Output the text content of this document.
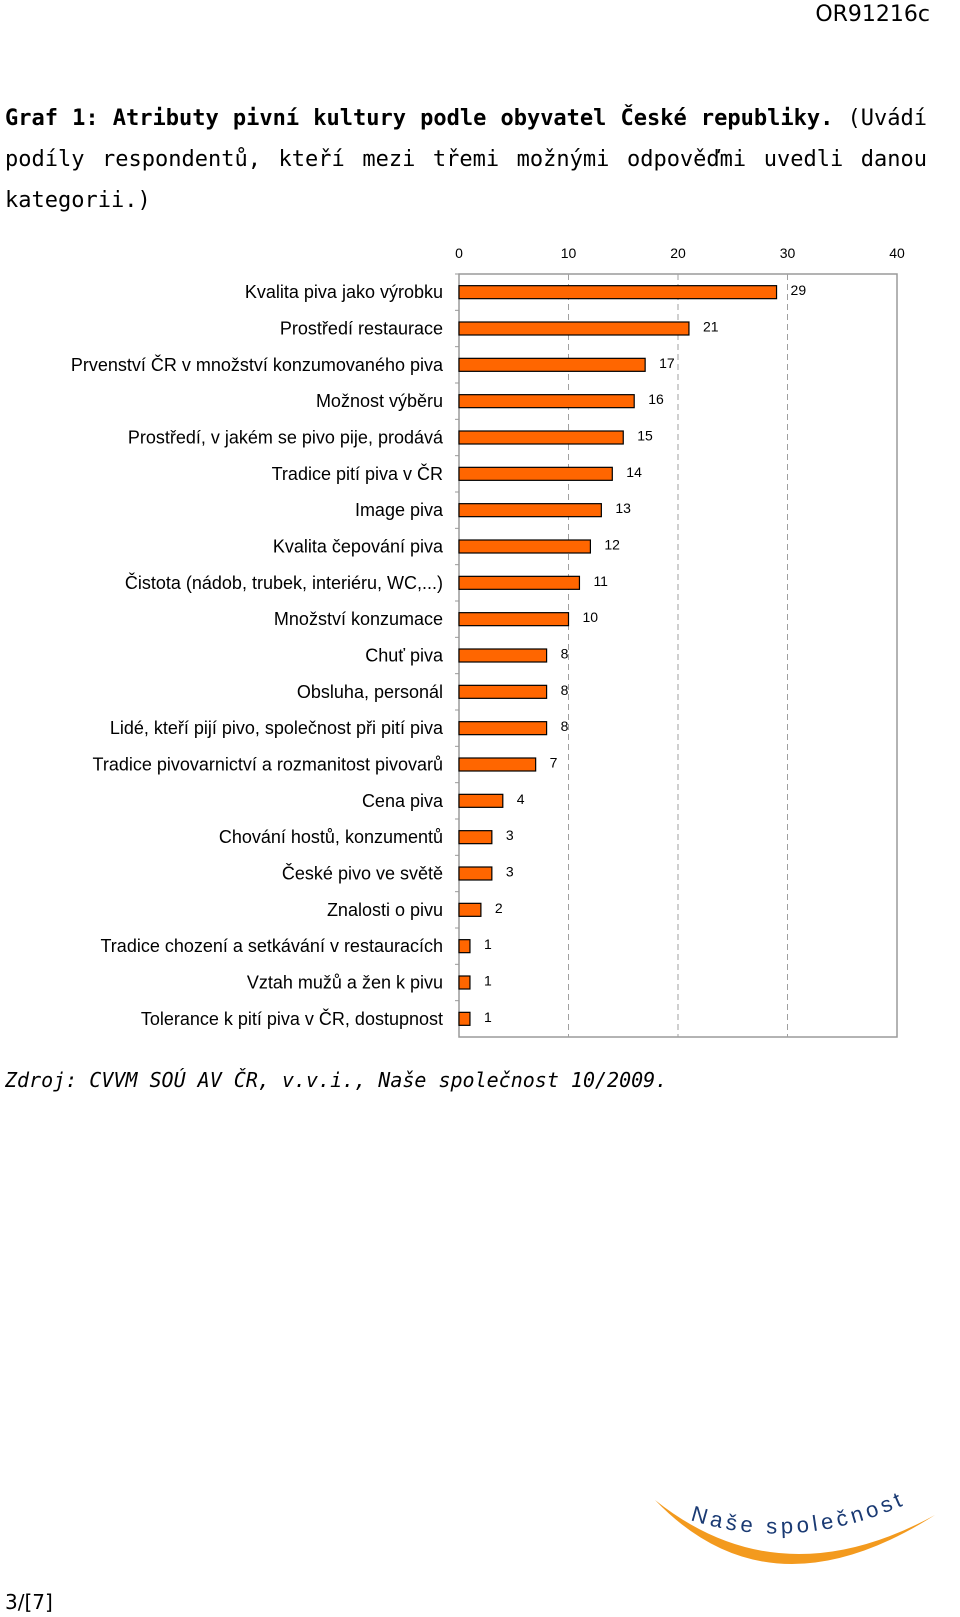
OR91216c
Graf 1: Atributy pivní kultury podle obyvatel České republiky. (Uvádí podíly respondentů, kteří mezi třemi možnými odpověďmi uvedli danou kategorii.)
0	10	20	30	40
Kvalita piva jako výrobku	29
Prostředí restaurace	21
Prvenství ČR v množství konzumovaného piva	17
Možnost výběru	16
Prostředí, v jakém se pivo pije, prodává	15
Tradice pití piva v ČR	14
Image piva	13
Kvalita čepování piva	12
Čistota (nádob, trubek, interiéru, WC,...)	11
Množství konzumace	10
Chuť piva	8
Obsluha, personál	8
Lidé, kteří pijí pivo, společnost při pití piva	8
Tradice pivovarnictví a rozmanitost pivovarů	7
Cena piva	4
Chování hostů, konzumentů	3
České pivo ve světě	3
Znalosti o pivu	2
Tradice chození a setkávání v restauracích	1
Vztah mužů a žen k pivu	1
Tolerance k pití piva v ČR, dostupnost	1
Zdroj: CVVM SOÚ AV ČR, v.v.i., Naše společnost 10/2009.
3/[7]
Naše společnost
